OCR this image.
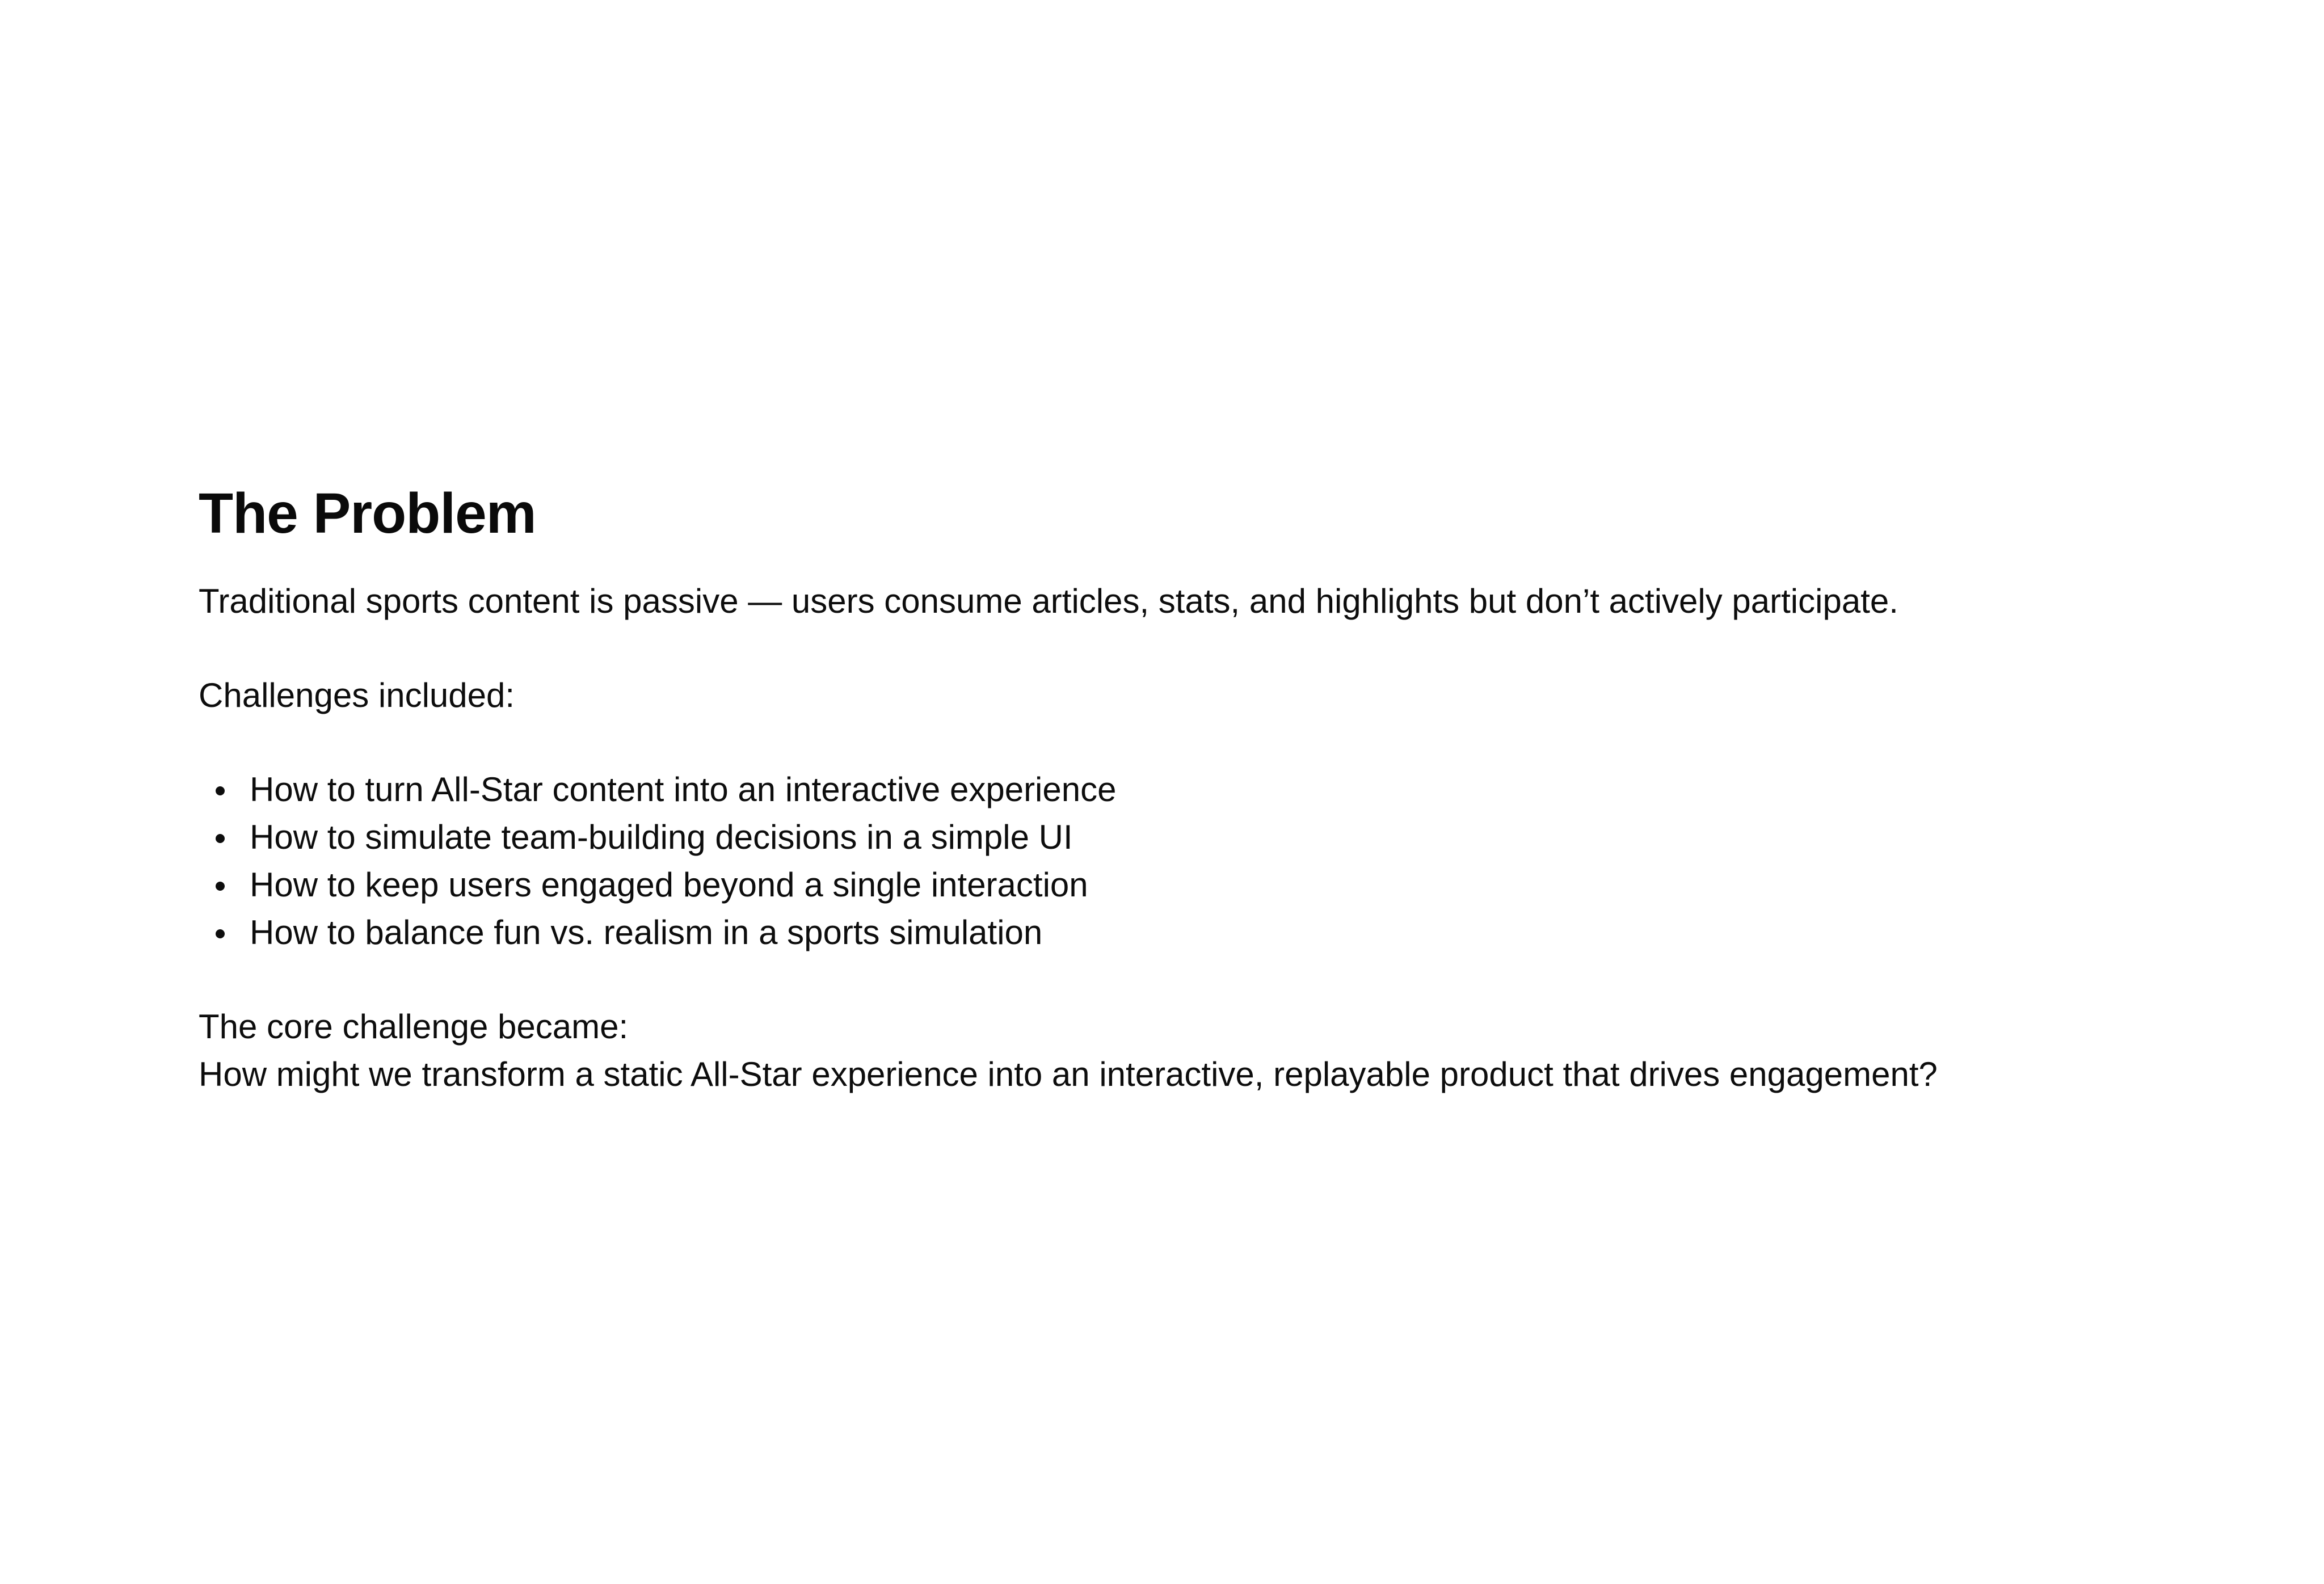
The Problem

Traditional sports content is passive — users consume articles, stats, and highlights but don’t actively participate.

Challenges included:

How to turn All-Star content into an interactive experience
How to simulate team-building decisions in a simple UI
How to keep users engaged beyond a single interaction
How to balance fun vs. realism in a sports simulation

The core challenge became:

How might we transform a static All-Star experience into an interactive, replayable product that drives engagement?
